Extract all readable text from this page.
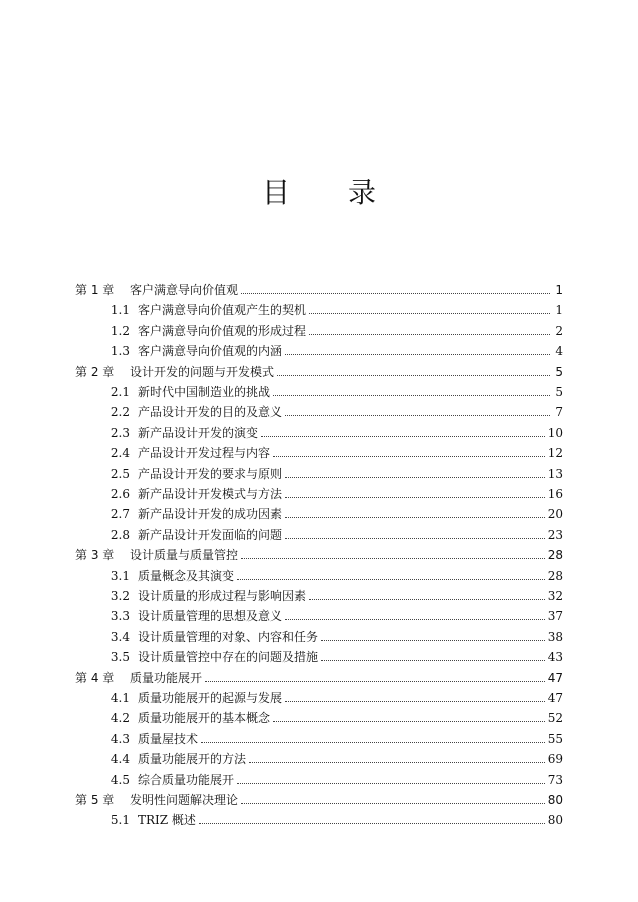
目 录
第 1 章	客户满意导向价值观	1
1.1 客户满意导向价值观产生的契机	1
1.2 客户满意导向价值观的形成过程	2
1.3 客户满意导向价值观的内涵	4
第 2 章	设计开发的问题与开发模式	5
2.1 新时代中国制造业的挑战	5
2.2 产品设计开发的目的及意义	7
2.3 新产品设计开发的演变	10
2.4 产品设计开发过程与内容	12
2.5 产品设计开发的要求与原则	13
2.6 新产品设计开发模式与方法	16
2.7 新产品设计开发的成功因素	20
2.8 新产品设计开发面临的问题	23
第 3 章	设计质量与质量管控	28
3.1 质量概念及其演变	28
3.2 设计质量的形成过程与影响因素	32
3.3 设计质量管理的思想及意义	37
3.4 设计质量管理的对象、内容和任务	38
3.5 设计质量管控中存在的问题及措施	43
第 4 章	质量功能展开	47
4.1 质量功能展开的起源与发展	47
4.2 质量功能展开的基本概念	52
4.3 质量屋技术	55
4.4 质量功能展开的方法	69
4.5 综合质量功能展开	73
第 5 章	发明性问题解决理论	80
5.1 TRIZ 概述	80
